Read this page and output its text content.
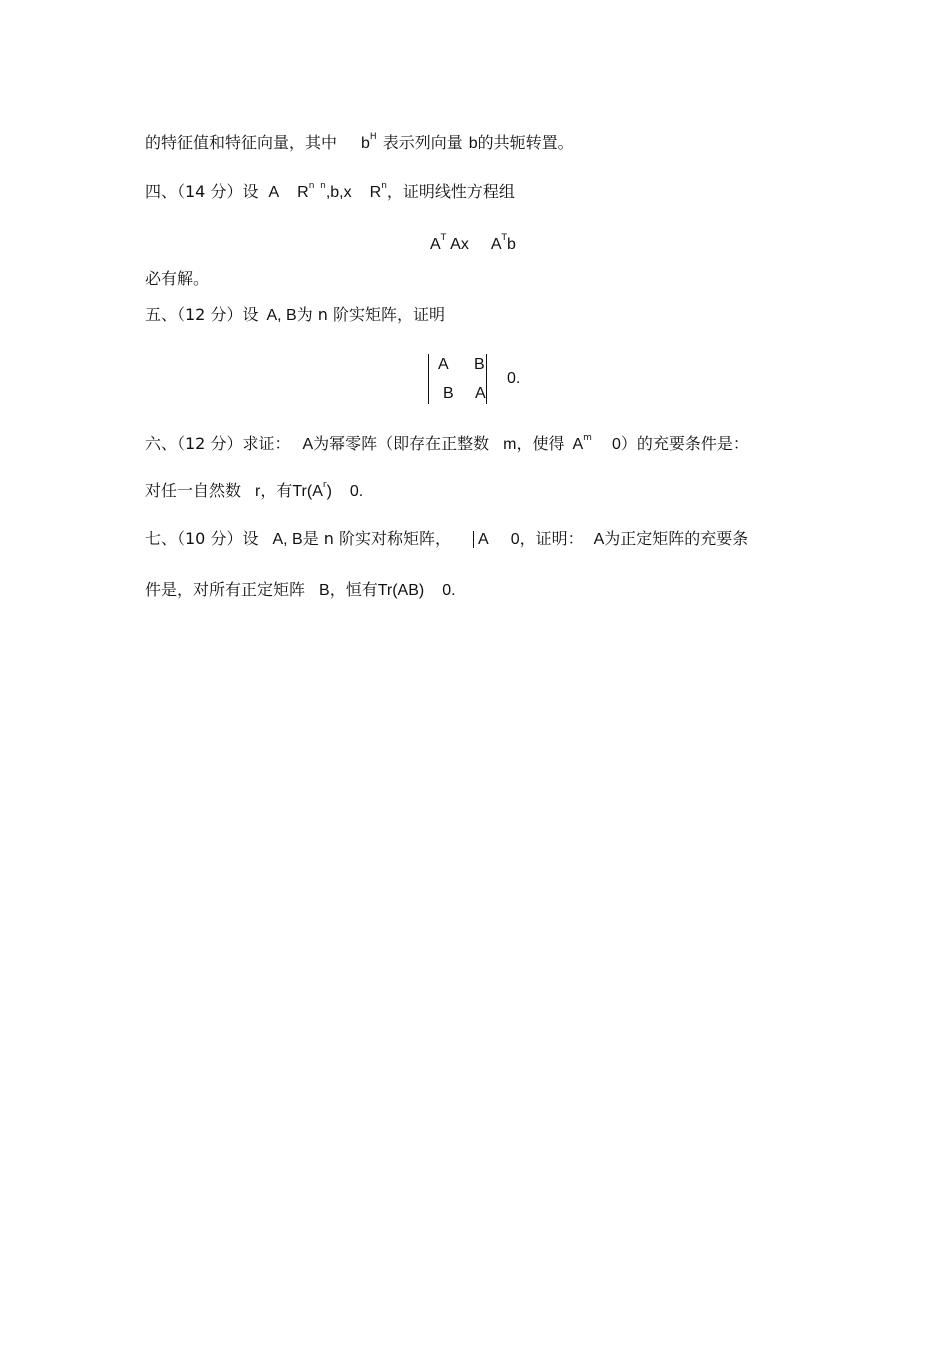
的特征值和特征向量，其中 $b^H$ 表示列向量 b的共轭转置。
四、（14 分）设 A $R^{n n},b,x$ $R^n$，证明线性方程组
$A^T$ Ax $A^Tb$
必有解。
五、（12 分）设 A, B为 n 阶实矩阵，证明
A B
B A
0.
六、（12 分）求证： A为幂零阵（即存在正整数 m，使得 $A^m$ 0）的充要条件是：
对任一自然数 r，有$Tr(A^r)$ 0.
七、（10 分）设 A, B是 n 阶实对称矩阵， A 0，证明： A为正定矩阵的充要条
件是，对所有正定矩阵 B，恒有Tr(AB) 0.
